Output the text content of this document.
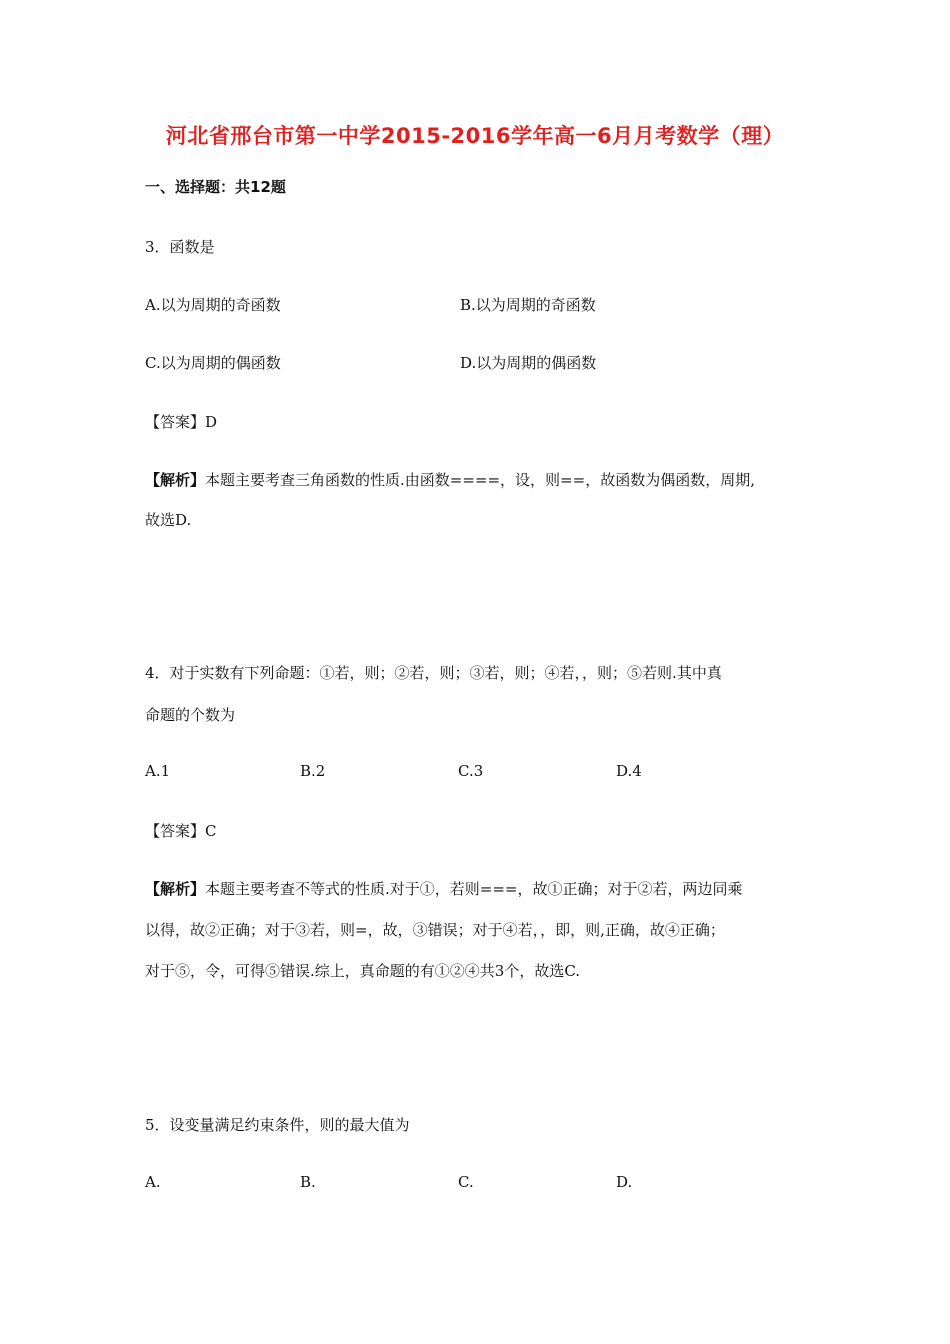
河北省邢台市第一中学2015-2016学年高一6月月考数学（理）
一、选择题：共12题
3．函数是
A.以为周期的奇函数	B.以为周期的奇函数
C.以为周期的偶函数	D.以为周期的偶函数
【答案】D
【解析】本题主要考查三角函数的性质.由函数====，设，则==，故函数为偶函数，周期,
故选D.
4．对于实数有下列命题：①若，则；②若，则；③若，则；④若，，则；⑤若则.其中真
命题的个数为
A.1	B.2	C.3	D.4
【答案】C
【解析】本题主要考查不等式的性质.对于①，若则===，故①正确；对于②若，两边同乘
以得，故②正确；对于③若，则=，故，③错误；对于④若，，即，则,正确，故④正确；
对于⑤，令，可得⑤错误.综上，真命题的有①②④共3个，故选C.
5．设变量满足约束条件，则的最大值为
A.	B.	C.	D.
